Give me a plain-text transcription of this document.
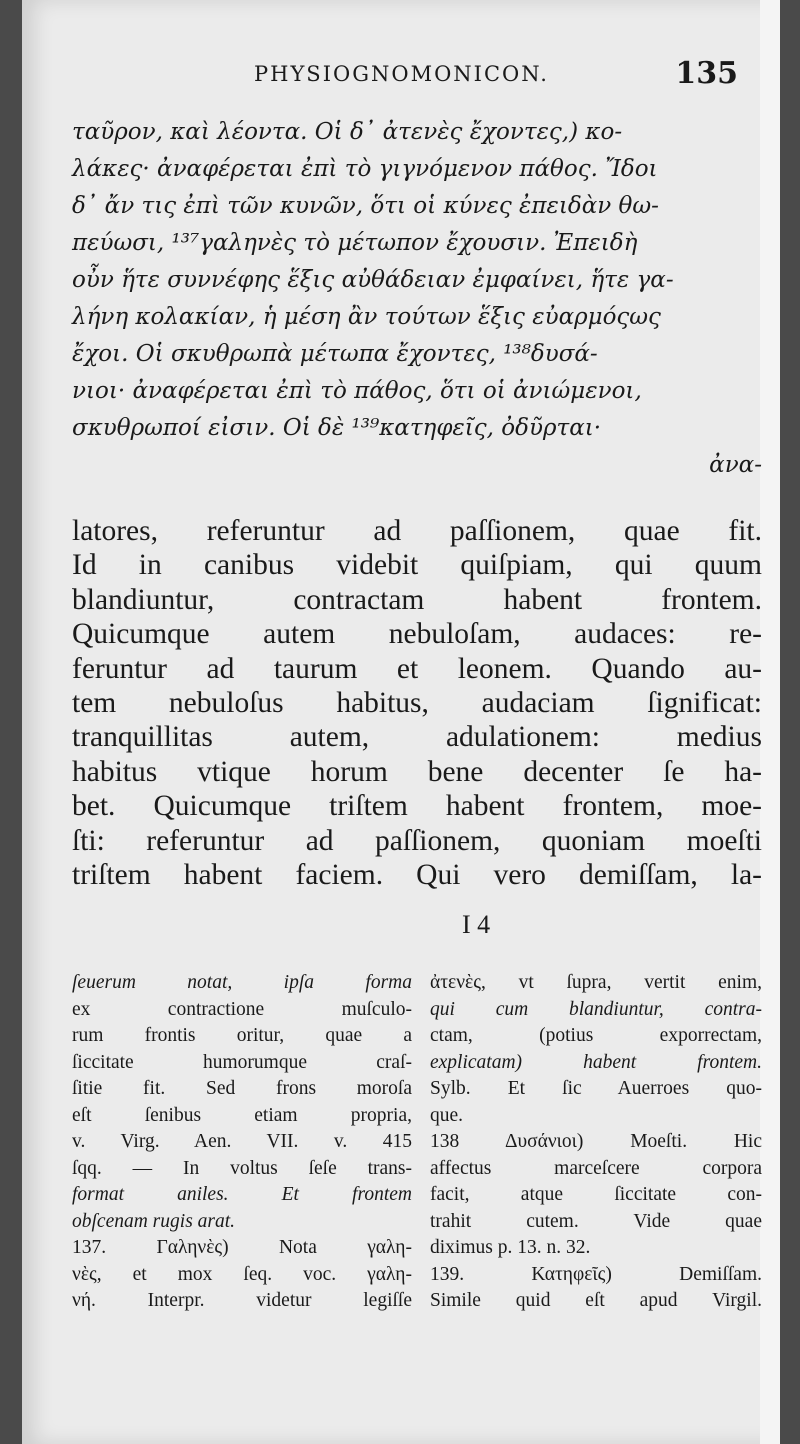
PHYSIOGNOMONICON.	135
ταῦρον, καὶ λέοντα. Οἱ δ᾽ ἀτενὲς ἔχοντες,) κο-
λάκες· ἀναφέρεται ἐπὶ τὸ γιγνόμενον πάθος. Ἴδοι
δ᾽ ἄν τις ἐπὶ τῶν κυνῶν, ὅτι οἱ κύνες ἐπειδὰν θω-
πεύωσι, ¹³⁷γαληνὲς τὸ μέτωπον ἔχουσιν. Ἐπειδὴ
οὖν ἥτε συννέφης ἕξις αὐθάδειαν ἐμφαίνει, ἥτε γα-
λήνη κολακίαν, ἡ μέση ἂν τούτων ἕξις εὐαρμόςως
ἔχοι. Οἱ σκυθρωπὰ μέτωπα ἔχοντες, ¹³⁸δυσά-
νιοι· ἀναφέρεται ἐπὶ τὸ πάθος, ὅτι οἱ ἀνιώμενοι,
σκυθρωποί εἰσιν. Οἱ δὲ ¹³⁹κατηφεῖς, ὀδῦρται·
ἀνα-
latores, referuntur ad paſſionem, quae fit.
Id in canibus videbit quiſpiam, qui quum
blandiuntur, contractam habent frontem.
Quicumque autem nebuloſam, audaces: re-
feruntur ad taurum et leonem. Quando au-
tem nebuloſus habitus, audaciam ſignificat:
tranquillitas autem, adulationem: medius
habitus vtique horum bene decenter ſe ha-
bet. Quicumque triſtem habent frontem, moe-
ſti: referuntur ad paſſionem, quoniam moeſti
triſtem habent faciem. Qui vero demiſſam, la-
I 4
ſeuerum notat, ipſa forma
ex contractione muſculo-
rum frontis oritur, quae a
ſiccitate humorumque craſ-
ſitie fit. Sed frons moroſa
eſt ſenibus etiam propria,
v. Virg. Aen. VII. v. 415
ſqq. — In voltus ſeſe trans-
format aniles. Et frontem
obſcenam rugis arat.
137. Γαληνὲς) Nota γαλη-
νὲς, et mox ſeq. voc. γαλη-
νή. Interpr. videtur legiſſe
ἀτενὲς, vt ſupra, vertit enim,
qui cum blandiuntur, contra-
ctam, (potius exporrectam,
explicatam) habent frontem.
Sylb. Et ſic Auerroes quo-
que.
138 Δυσάνιοι) Moeſti. Hic
affectus marceſcere corpora
facit, atque ſiccitate con-
trahit cutem. Vide quae
diximus p. 13. n. 32.
139. Κατηφεῖς) Demiſſam.
Simile quid eſt apud Virgil.
